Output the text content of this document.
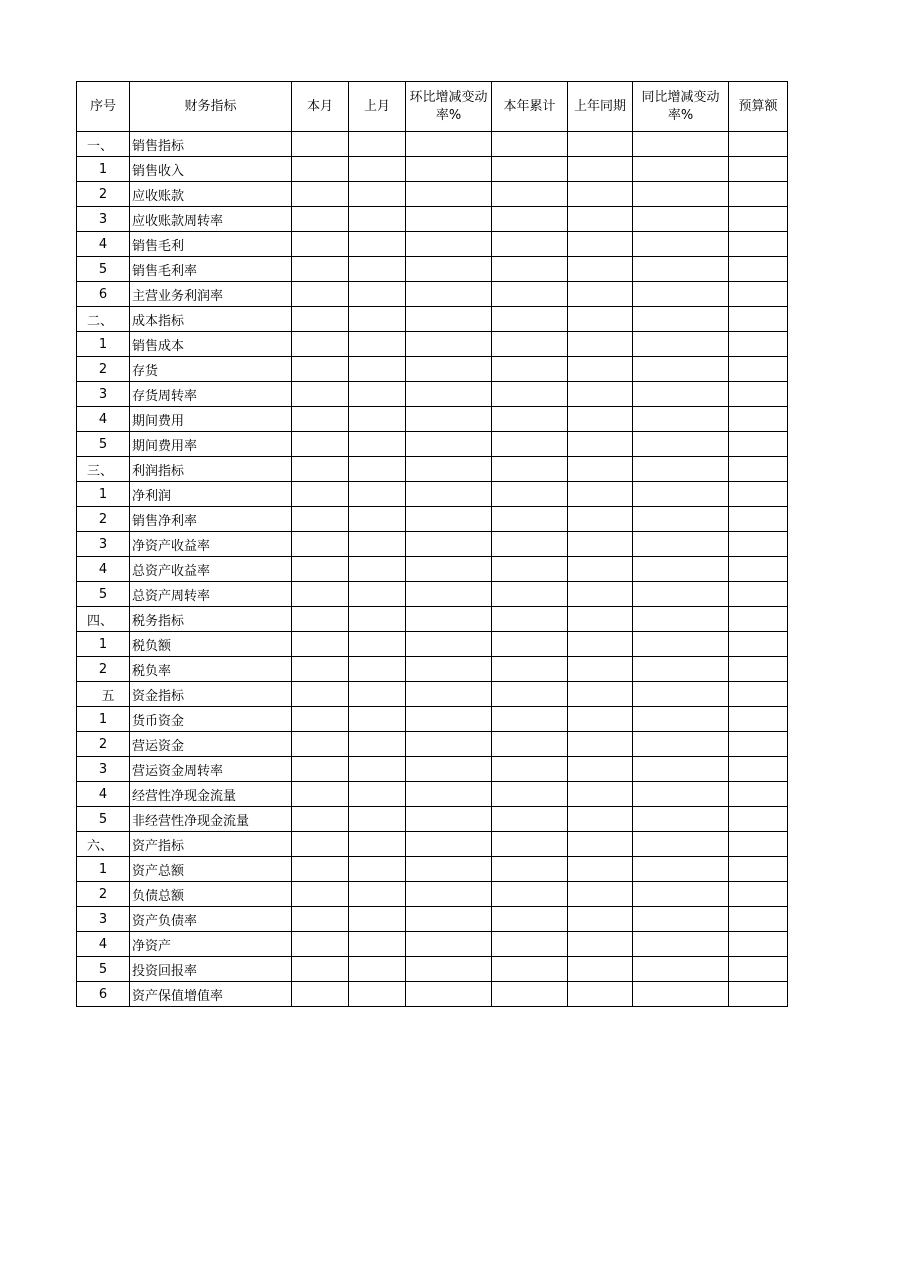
序号	财务指标	本月	上月	环比增减变动率%	本年累计	上年同期	同比增减变动率%	预算额
一、	销售指标							
1	销售收入							
2	应收账款							
3	应收账款周转率							
4	销售毛利							
5	销售毛利率							
6	主营业务利润率							
二、	成本指标							
1	销售成本							
2	存货							
3	存货周转率							
4	期间费用							
5	期间费用率							
三、	利润指标							
1	净利润							
2	销售净利率							
3	净资产收益率							
4	总资产收益率							
5	总资产周转率							
四、	税务指标							
1	税负额							
2	税负率							
五	资金指标							
1	货币资金							
2	营运资金							
3	营运资金周转率							
4	经营性净现金流量							
5	非经营性净现金流量							
六、	资产指标							
1	资产总额							
2	负债总额							
3	资产负债率							
4	净资产							
5	投资回报率							
6	资产保值增值率							
